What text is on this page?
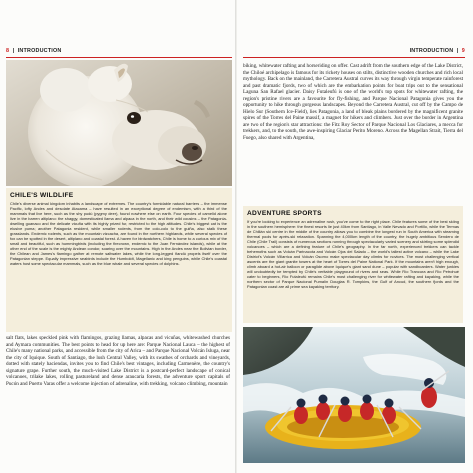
8  |  INTRODUCTION
CHILE'S WILDLIFE
Chile's diverse animal kingdom inhabits a landscape of extremes. The country's formidable natural barriers – the immense Pacific, lofty Andes and desolate Atacama – have resulted in an exceptional degree of endemism, with a third of the mammals that live here, such as the shy pudú (pygmy deer), found nowhere else on earth. Four species of camelid alone live in the barren altiplano: the shaggy, domesticated llama and alpaca in the north, and their wild cousins – the Patagonia-dwelling guanaco and the delicate vicuña with its highly prized fur, restricted to the high altitudes. Chile's biggest cat is the elusive puma; another Patagonia resident, while smaller rodents, from the colo-colo to the guiña, also stalk these grasslands. Endemic rodents, such as the mountain vizcacha, are found in the northern highlands, while several species of fox can be spotted in the desert, altiplano and coastal forest. A haven for birdwatchers, Chile is home to a curious mix of the small and beautiful, such as hummingbirds (including the firecrown, endemic to the Juan Fernández islands), while at the other end of the scale is the mighty Andean condor, soaring over the mountains. High in the Andes near the Bolivian border, the Chilean and James's flamingo gather at remote saltwater lakes, while the long-legged ñandú propels itself over the Patagonian steppe. Equally impressive seabirds include the Humboldt, Magellanic and king penguins, while Chile's coastal waters host some spectacular mammals, such as the blue whale and several species of dolphins.
salt flats, lakes speckled pink with flamingos, grazing llamas, alpacas and vicuñas, whitewashed churches and Aymara communities. The best points to head for up here are: Parque Nacional Lauca – the highest of Chile's many national parks, and accessible from the city of Arica – and Parque Nacional Volcán Isluga, near the city of Iquique. South of Santiago, the lush Central Valley, with its swathes of orchards and vineyards, dotted with stately haciendas, invites you to find Chile's best vintages, including Carmenère, the country's signature grape. Further south, the much-visited Lake District is a postcard-perfect landscape of conical volcanoes, trilake lakes, rolling pastureland and dense araucaria forests, the adventure sport capitals of Pucón and Puerto Varas offer a welcome injection of adrenaline, with trekking, volcano climbing, mountain
INTRODUCTION  |  9
biking, whitewater rafting and horseriding on offer. Cast adrift from the southern edge of the Lake District, the Chiloé archipelago is famous for its rickety houses on stilts, distinctive wooden churches and rich local mythology. Back on the mainland, the Carretera Austral curves its way through virgin temperate rainforest and past dramatic fjords, two of which are the embarkation points for boat trips out to the sensational Laguna San Rafael glacier. Daisy Futaleufú is one of the world's top spots for whitewater rafting, the region's pristine rivers are a favourite for fly-fishing, and Parque Nacional Patagonia gives you the opportunity to hike through gorgeous landscapes. Beyond the Carretera Austral, cut off by the Campo de Hielo Sur (Southern Ice-Field), lies Patagonia, a land of bleak plains bordered by the magnificent granite spires of the Torres del Paine massif, a magnet for hikers and climbers. Just over the border in Argentina are two of the region's star attractions: the Fitz Roy Sector of Parque Nacional Los Glaciares, a mecca for trekkers, and, to the south, the awe-inspiring Glaciar Perito Moreno. Across the Magellan Strait, Tierra del Fuego, also shared with Argentina,
ADVENTURE SPORTS
If you're looking to experience an adrenaline rush, you've come to the right place. Chile features some of the best skiing in the southern hemisphere: the finest resorts lie just 40km from Santiago, in Valle Nevado and Portillo, while the Termas de Chillán ski centre in the middle of the country allows you to combine the longest run in South America with steaming thermal pools for après-ski relaxation. Spanning the 4,000km length of the country, the hugely ambitious Sendero de Chile (Chile Trail) consists of numerous sections running through spectacularly varied scenery and skirting some splendid volcanoes – which are a defining feature of Chile's geography. In the far north, experienced trekkers can tackle behemoths such as Volcán Parinacota and Volcán Ojos del Salado – the world's tallest active volcano – while the Lake District's Volcán Villarrica and Volcán Osorno make spectacular day climbs for novices. The most challenging vertical ascents are the giant granite towers at the heart of Torres del Paine National Park. If the mountains aren't high enough, climb aboard a hot-air balloon or paraglide above Iquique's giant sand dune – popular with sandboarders. Water junkies will undoubtedly be tempted by Chile's veritable playground of rivers and seas. While Río Trancura and Río Petrohué cater to beginners, Río Futaleufú remains Chile's most challenging river for whitewater rafting and kayaking, while the northern sector of Parque Nacional Pumalín Douglas R. Tompkins, the Gulf of Ancud, the southern fjords and the Patagonian coast are all prime sea kayaking territory.
